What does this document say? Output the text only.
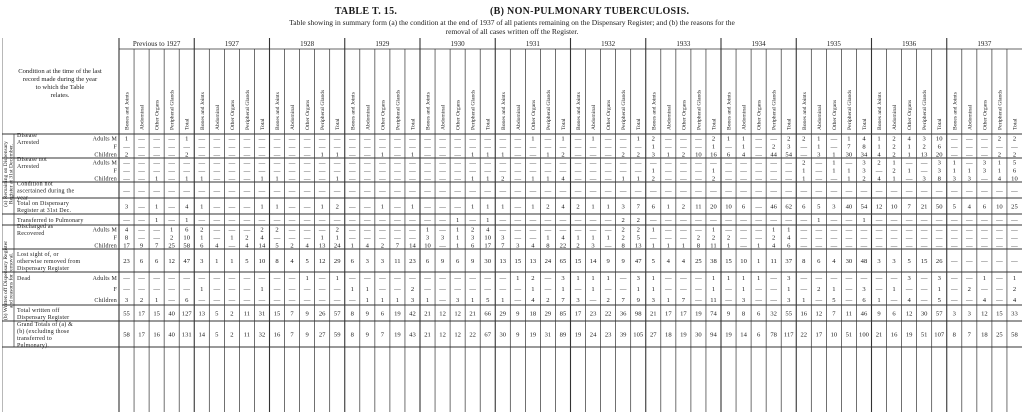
TABLE T. 15.	(B) NON-PULMONARY TUBERCULOSIS.
Table showing in summary form (a) the condition at the end of 1937 of all patients remaining on the Dispensary Register; and (b) the reasons for the
removal of all cases written off the Register.
Condition at the time of the last
record made during the year
to which the Table
relates.
Previous to 1927
Bones and Joints Abdominal Other Organs Peripheral Glands Total
1927
Bones and Joints Abdominal Other Organs Peripheral Glands Total
1928
Bones and Joints Abdominal Other Organs Peripheral Glands Total
1929
Bones and Joints Abdominal Other Organs Peripheral Glands Total
1930
Bones and Joints Abdominal Other Organs Peripheral Glands Total
1931
Bones and Joints Abdominal Other Organs Peripheral Glands Total
1932
Bones and Joints Abdominal Other Organs Peripheral Glands Total
1933
Bones and Joints Abdominal Other Organs Peripheral Glands Total
1934
Bones and Joints Abdominal Other Organs Peripheral Glands Total
1935
Bones and Joints Abdominal Other Organs Peripheral Glands Total
1936
Bones and Joints Abdominal Other Organs Peripheral Glands Total
1937
Bones and Joints Abdominal Other Organs Peripheral Glands Total
(a) Remaining on Dispensary Register at 31st December.
(b) Written off Dispensary Register and reasons for removal.
Disease
Arrested
Adults M
F
Children
Disease not
Arrested
Adults M
F
Children
Condition not
ascertained during the
year
Total on Dispensary
Register at 31st Dec.
Transferred to Pulmonary
Discharged as
Recovered
Adults M
F
Children
Lost sight of, or
otherwise removed from
Dispensary Register
Dead	Adults M
F
Children
Total written off
Dispensary Register
Grand Totals of (a) &
(b) (excluding those
transferred to
Pulmonary).
1 — — — 1 — — — — — — — — — — — — — — — — — — — — — — 1 — 1 — 1 — — 1 2 — — — 2 1 1 — — 2 2 1 — 1 4 1 2 4 3 10 — — — 2 2
— — — — — — — — — — — — — — — — — — — — — — — — — — — — — — — — — — — 1 — — — 1 — 1 — 2 3 — 1 — 7 8 1 2 1 2 6 — — — — —
2 — — — 2 — — — — — — — — 1 1 — — 1 — 1 — — — 1 1 1 — — 1 2 — — — 2 2 3 1 2 10 16 6 4 — 44 54 — 3 1 30 34 4 2 1 13 20 — — — 2 2
— — — — — — — — — — — — — — — — — — — — — — — — — — — — — — — — — — — — — — — — — — — — — 2 — 1 — 3 2 1 — — 3 1 — 3 1 5
— — — — — — — — — — — — — — — — — — — — — — — — — — — — — — — — — — — 1 — — — 1 — — — — — 1 — 1 1 3 — 2 1 — 3 1 1 3 1 6
— — 1 — 1 1 — — — 1 1 — — — 1 — — — — — — — — 1 1 2 — 1 1 4 — — — 1 1 2 — — — 2 — — — — — 1 — — 1 2 4 1 — 3 8 3 3 — 4 10
— — — — — — — — — — — — — — — — — — — — — — — — — — — — — — — — — — — — — — — — — — — — — — — — — — — — — — — — — — — —
3 — 1 — 4 1 — — — 1 1 — — 1 2 — — 1 — 1 — — — 1 1 1 — 1 2 4 2 1 1 3 7 6 1 2 11 20 10 6 — 46 62 6 5 3 40 54 12 10 7 21 50 5 4 6 10 25
— — 1 — 1 — — — — — — — — — — — — — — — — — 1 — 1 — — — — — — — — 2 2 — — — — — — — — — — — 1 — — 1 — — — — — — — — — —
4 — — 1 6 2 — — — 2 2 — — — 2 — — — — — 1 — 1 2 4 — — — — — — — — 2 2 1 — — — 1 — — — 1 1 — — — — — — — — — — — — — — —
8 — — 2 10 1 — 1 2 4 — — — 1 1 — — — — — 3 3 1 3 10 3 — — 1 4 1 1 1 2 5 — — — 2 2 2 — — 2 4 — — — — — — — — — — — — — — —
17 9 7 25 58 6 4 — 4 14 5 2 4 13 24 1 4 2 7 14 10 — 1 6 17 7 3 4 8 22 2 3 — 8 13 1 1 1 8 11 1 — 1 4 6 — — — — — — — — — — — — — — —
23 6 6 12 47 3 1 1 5 10 8 4 5 12 29 6 3 3 11 23 6 9 6 9 30 13 15 13 24 65 15 14 9 9 47 5 4 4 25 38 15 10 1 11 37 8 6 4 30 48 3 3 5 15 26 — — — — —
— — — — — — — — — — — — 1 — 1 — — — — — — — — — — — 1 2 — 3 1 1 1 — 3 1 — — — 1 1 1 1 — 3 — — — — — — — 3 — 3 — — 1 — 1
— — — — — 1 — — — 1 — — — — — 1 1 — — 2 — — — — — — — 1 — 1 — 1 — — 1 1 — — — 1 — 1 — — 1 — 2 1 — 3 — 1 — — 1 — 2 — — 2
3 2 1 — 6 — — — — — — — — — — — 1 1 1 3 1 — 3 1 5 1 — 4 2 7 3 — 2 7 9 3 1 7 — 11 — 3 — — 3 1 — 5 — 6 1 — 4 — 5 — — 4 — 4
55 17 15 40 127 13 5 2 11 31 15 7 9 26 57 8 9 6 19 42 21 12 12 21 66 29 9 18 29 85 17 23 22 36 98 21 17 17 19 74 9 8 6 32 55 16 12 7 11 46 9 6 12 30 57 3 3 12 15 33
58 17 16 40 131 14 5 2 11 32 16 7 9 27 59 8 9 7 19 43 21 12 12 22 67 30 9 19 31 89 19 24 23 39 105 27 18 19 30 94 19 14 6 78 117 22 17 10 51 100 21 16 19 51 107 8 7 18 25 58
